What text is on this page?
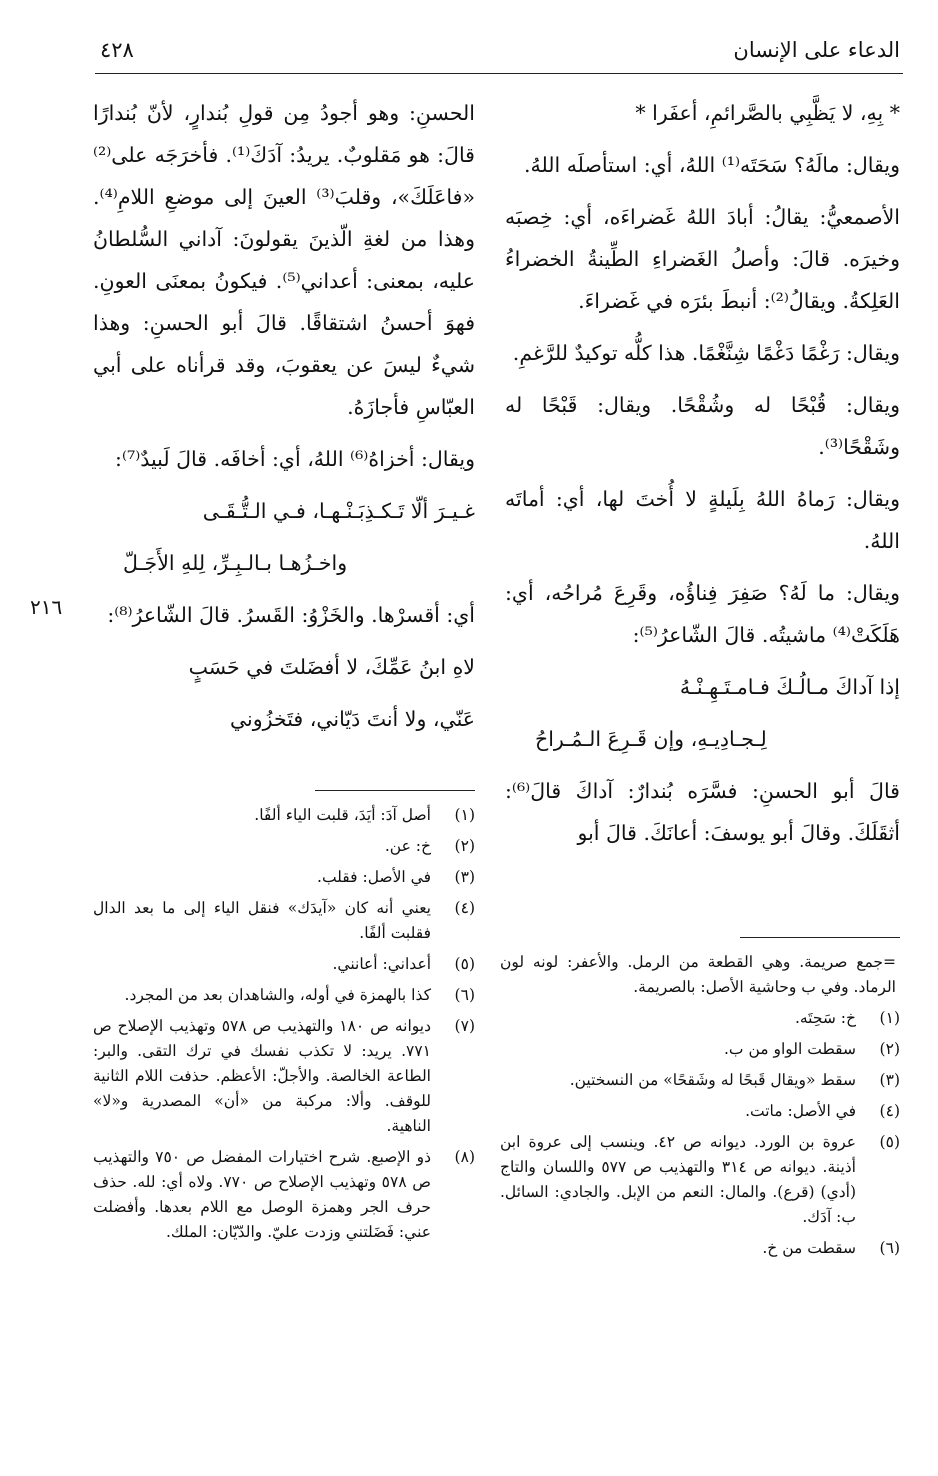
الدعاء على الإنسان
٤٢٨

* بِهِ، لا يَظَّبِي بالصَّرائمِ، أعفَرا *

ويقال: مالَهُ؟ سَحَتَه⁽¹⁾ اللهُ، أي: استأصلَه اللهُ.

الأصمعيُّ: يقالُ: أبادَ اللهُ غَضراءَه، أي: خِصبَه وخيرَه. قالَ: وأصلُ الغَضراءِ الطِّينةُ الخضراءُ العَلِكةُ. ويقالُ⁽²⁾: أنبطَ بئرَه في غَضراءَ.

ويقال: رَغْمًا دَغْمًا شِنَّغْمًا. هذا كلُّه توكيدٌ للرَّغمِ.

ويقال: قُبْحًا له وشُقْحًا. ويقال: قَبْحًا له وشَقْحًا⁽³⁾.

ويقال: رَماهُ اللهُ بِلَيلةٍ لا أُختَ لها، أي: أماتَه اللهُ.

ويقال: ما لَهُ؟ صَفِرَ فِناؤُه، وقَرِعَ مُراحُه، أي: هَلَكَتْ⁽⁴⁾ ماشيتُه. قالَ الشّاعرُ⁽⁵⁾:

إذا آداكَ مـالُـكَ فـامـتَـهِـنْـهُ
لِـجـادِيـهِ، وإن قَـرِعَ الـمُـراحُ

قالَ أبو الحسنِ: فسَّرَه بُندارٌ: آداكَ قالَ⁽⁶⁾: أثقَلَكَ. وقالَ أبو يوسفَ: أعانَكَ. قالَ أبو

=جمع صريمة. وهي القطعة من الرمل. والأعفر: لونه لون الرماد. وفي ب وحاشية الأصل: بالصريمة.
(١)
خ: سَحِتَه.
(٢)
سقطت الواو من ب.
(٣)
سقط «ويقال قَبحًا له وشَقحًا» من النسختين.
(٤)
في الأصل: ماتت.
(٥)
عروة بن الورد. ديوانه ص ٤٢. وينسب إلى عروة ابن أذينة. ديوانه ص ٣١٤ والتهذيب ص ٥٧٧ واللسان والتاج (أدي) (قرع). والمال: النعم من الإبل. والجادي: السائل. ب: آدَك.
(٦)
سقطت من خ.

الحسنِ: وهو أجودُ مِن قولِ بُندارٍ، لأنّ بُندارًا قالَ: هو مَقلوبٌ. يريدُ: آدَكَ⁽¹⁾. فأخرَجَه على⁽²⁾ «فاعَلَكَ»، وقلبَ⁽³⁾ العينَ إلى موضعِ اللامِ⁽⁴⁾. وهذا من لغةِ الّذينَ يقولونَ: آداني السُّلطانُ عليه، بمعنى: أعداني⁽⁵⁾. فيكونُ بمعنَى العونِ. فهوَ أحسنُ اشتقاقًا. قالَ أبو الحسنِ: وهذا شيءٌ ليسَ عن يعقوبَ، وقد قرأناه على أبي العبّاسِ فأجازَهُ.

ويقال: أخزاهُ⁽⁶⁾ اللهُ، أي: أخافَه. قالَ لَبيدٌ⁽⁷⁾:

غـيـرَ ألّا تَـكـذِبَـنْـهـا، فـي الـتُّـقَـى
واخـزُهـا بـالـبِـرِّ، لِلهِ الأَجَـلّ

أي: أقسرْها. والخَزْوُ: القَسرُ. قالَ الشّاعرُ⁽⁸⁾:

لاهِ ابنُ عَمِّكَ، لا أفضَلتَ في حَسَبٍ
عَنّي، ولا أنتَ دَيّاني، فتَخزُوني
٢١٦
(١)
أصل آدَ: أيَدَ، قلبت الياء ألفًا.
(٢)
خ: عن.
(٣)
في الأصل: فقلب.
(٤)
يعني أنه كان «آيدَك» فنقل الياء إلى ما بعد الدال فقلبت ألفًا.
(٥)
أعداني: أعانني.
(٦)
كذا بالهمزة في أوله، والشاهدان بعد من المجرد.
(٧)
ديوانه ص ١٨٠ والتهذيب ص ٥٧٨ وتهذيب الإصلاح ص ٧٧١. يريد: لا تكذب نفسك في ترك التقى. والبر: الطاعة الخالصة. والأجلّ: الأعظم. حذفت اللام الثانية للوقف. وألا: مركبة من «أن» المصدرية و«لا» الناهية.
(٨)
ذو الإصبع. شرح اختيارات المفضل ص ٧٥٠ والتهذيب ص ٥٧٨ وتهذيب الإصلاح ص ٧٧٠. ولاه أي: لله. حذف حرف الجر وهمزة الوصل مع اللام بعدها. وأفضلت عني: فَضَلتني وزدت عليّ. والدّيّان: الملك.
